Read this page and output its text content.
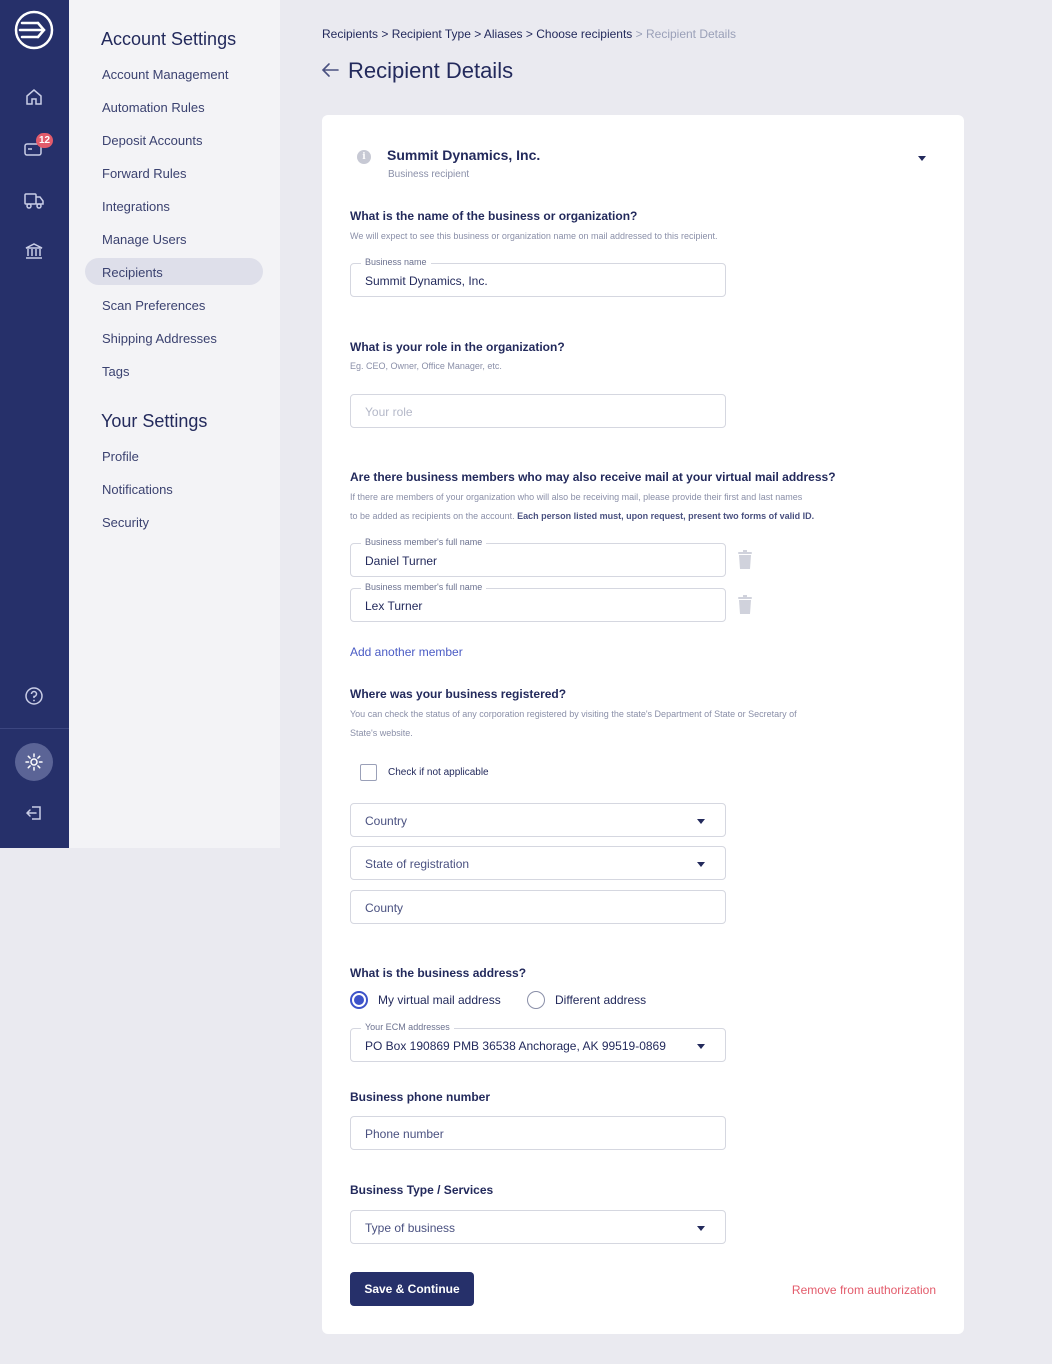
12
Account Settings
Account Management
Automation Rules
Deposit Accounts
Forward Rules
Integrations
Manage Users
Recipients
Scan Preferences
Shipping Addresses
Tags
Your Settings
Profile
Notifications
Security
Recipients > Recipient Type > Aliases > Choose recipients > Recipient Details
Recipient Details
i	Summit Dynamics, Inc.
Business recipient
What is the name of the business or organization?
We will expect to see this business or organization name on mail addressed to this recipient.
Business name
Summit Dynamics, Inc.
What is your role in the organization?
Eg. CEO, Owner, Office Manager, etc.
Your role
Are there business members who may also receive mail at your virtual mail address?
If there are members of your organization who will also be receiving mail, please provide their first and last names
to be added as recipients on the account. Each person listed must, upon request, present two forms of valid ID.
Business member's full name
Daniel Turner
Business member's full name
Lex Turner
Add another member
Where was your business registered?
You can check the status of any corporation registered by visiting the state's Department of State or Secretary of
State's website.
Check if not applicable
Country
State of registration
County
What is the business address?
My virtual mail address	Different address
Your ECM addresses
PO Box 190869 PMB 36538 Anchorage, AK 99519-0869
Business phone number
Phone number
Business Type / Services
Type of business
Save & Continue	Remove from authorization
